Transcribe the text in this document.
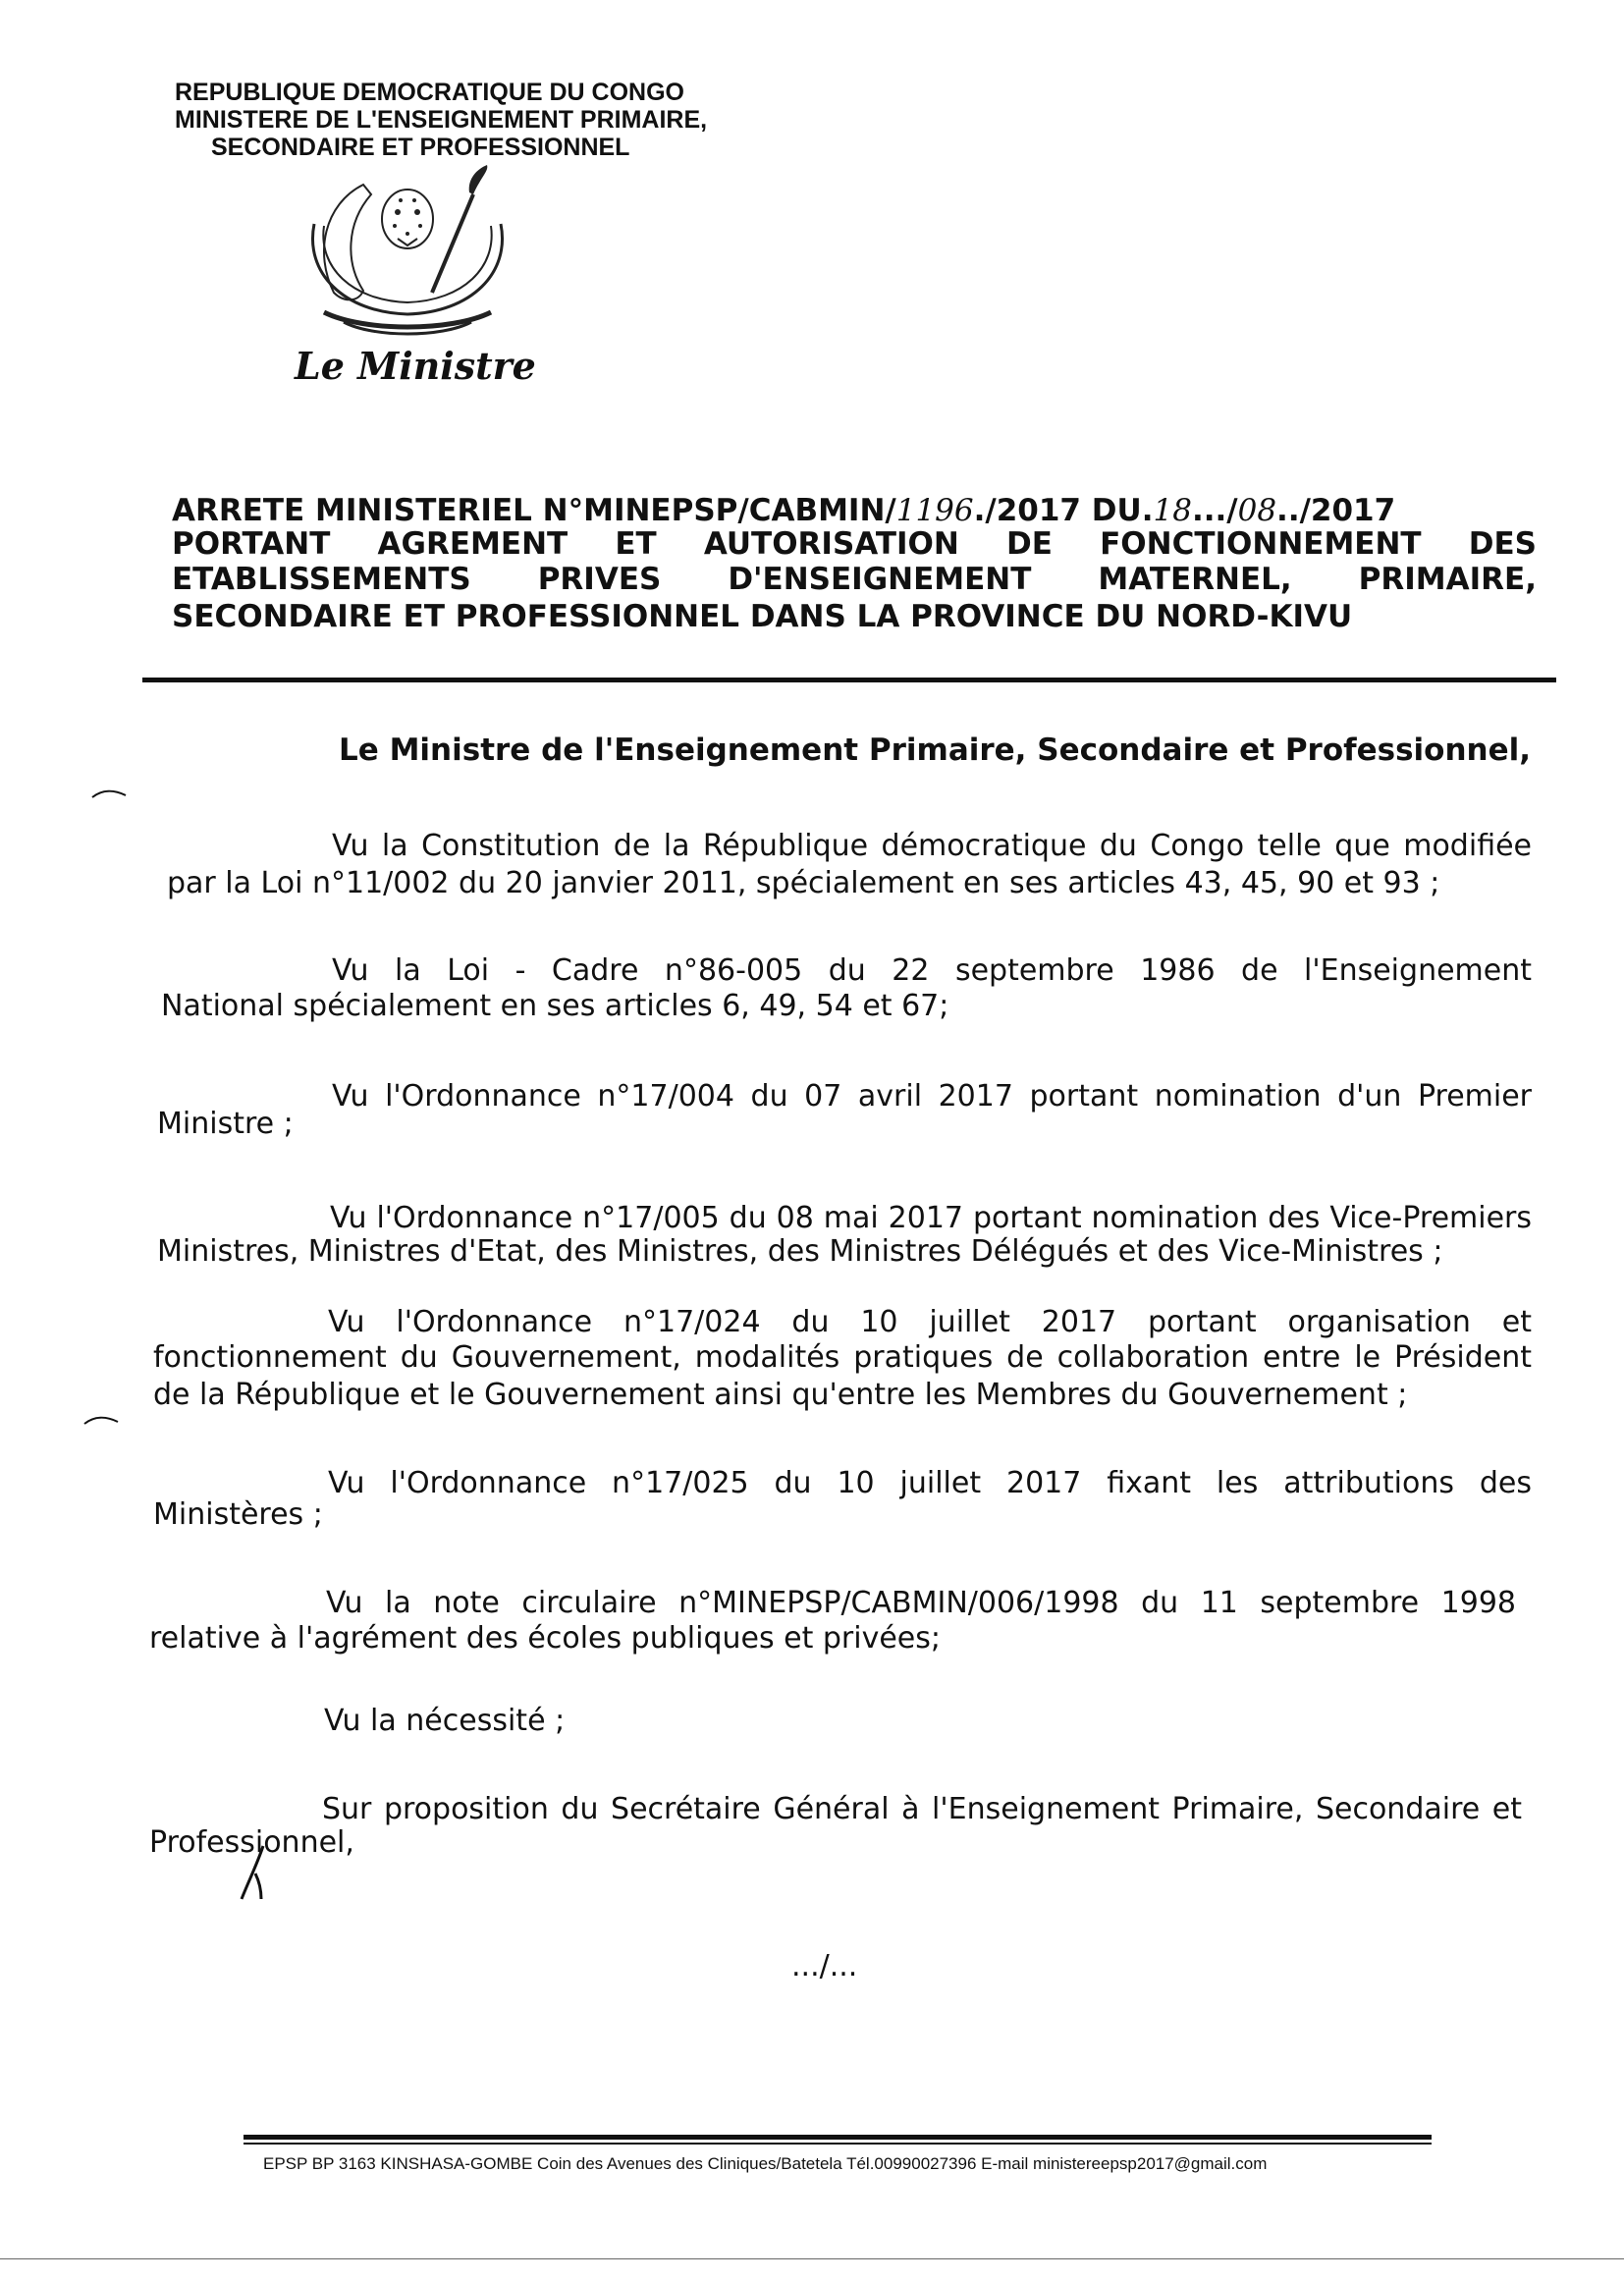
REPUBLIQUE DEMOCRATIQUE DU CONGO
MINISTERE DE L'ENSEIGNEMENT PRIMAIRE,
SECONDAIRE ET PROFESSIONNEL
Le Ministre
ARRETE MINISTERIEL N°MINEPSP/CABMIN/1196./2017 DU.18.../08../2017
PORTANT AGREMENT ET AUTORISATION DE FONCTIONNEMENT DES
ETABLISSEMENTS PRIVES D'ENSEIGNEMENT MATERNEL, PRIMAIRE,
SECONDAIRE ET PROFESSIONNEL DANS LA PROVINCE DU NORD-KIVU
Le Ministre de l'Enseignement Primaire, Secondaire et Professionnel,
Vu la Constitution de la République démocratique du Congo telle que modifiée
par la Loi n°11/002 du 20 janvier 2011, spécialement en ses articles 43, 45, 90 et 93 ;
Vu la Loi - Cadre n°86-005 du 22 septembre 1986 de l'Enseignement
National spécialement en ses articles 6, 49, 54 et 67;
Vu l'Ordonnance n°17/004 du 07 avril 2017 portant nomination d'un Premier
Ministre ;
Vu l'Ordonnance n°17/005 du 08 mai 2017 portant nomination des Vice-Premiers
Ministres, Ministres d'Etat, des Ministres, des Ministres Délégués et des Vice-Ministres ;
Vu l'Ordonnance n°17/024 du 10 juillet 2017 portant organisation et
fonctionnement du Gouvernement, modalités pratiques de collaboration entre le Président
de la République et le Gouvernement ainsi qu'entre les Membres du Gouvernement ;
Vu l'Ordonnance n°17/025 du 10 juillet 2017 fixant les attributions des
Ministères ;
Vu la note circulaire n°MINEPSP/CABMIN/006/1998 du 11 septembre 1998
relative à l'agrément des écoles publiques et privées;
Vu la nécessité ;
Sur proposition du Secrétaire Général à l'Enseignement Primaire, Secondaire et
Professionnel,
.../...
EPSP BP 3163 KINSHASA-GOMBE Coin des Avenues des Cliniques/Batetela Tél.00990027396 E-mail ministereepsp2017@gmail.com
